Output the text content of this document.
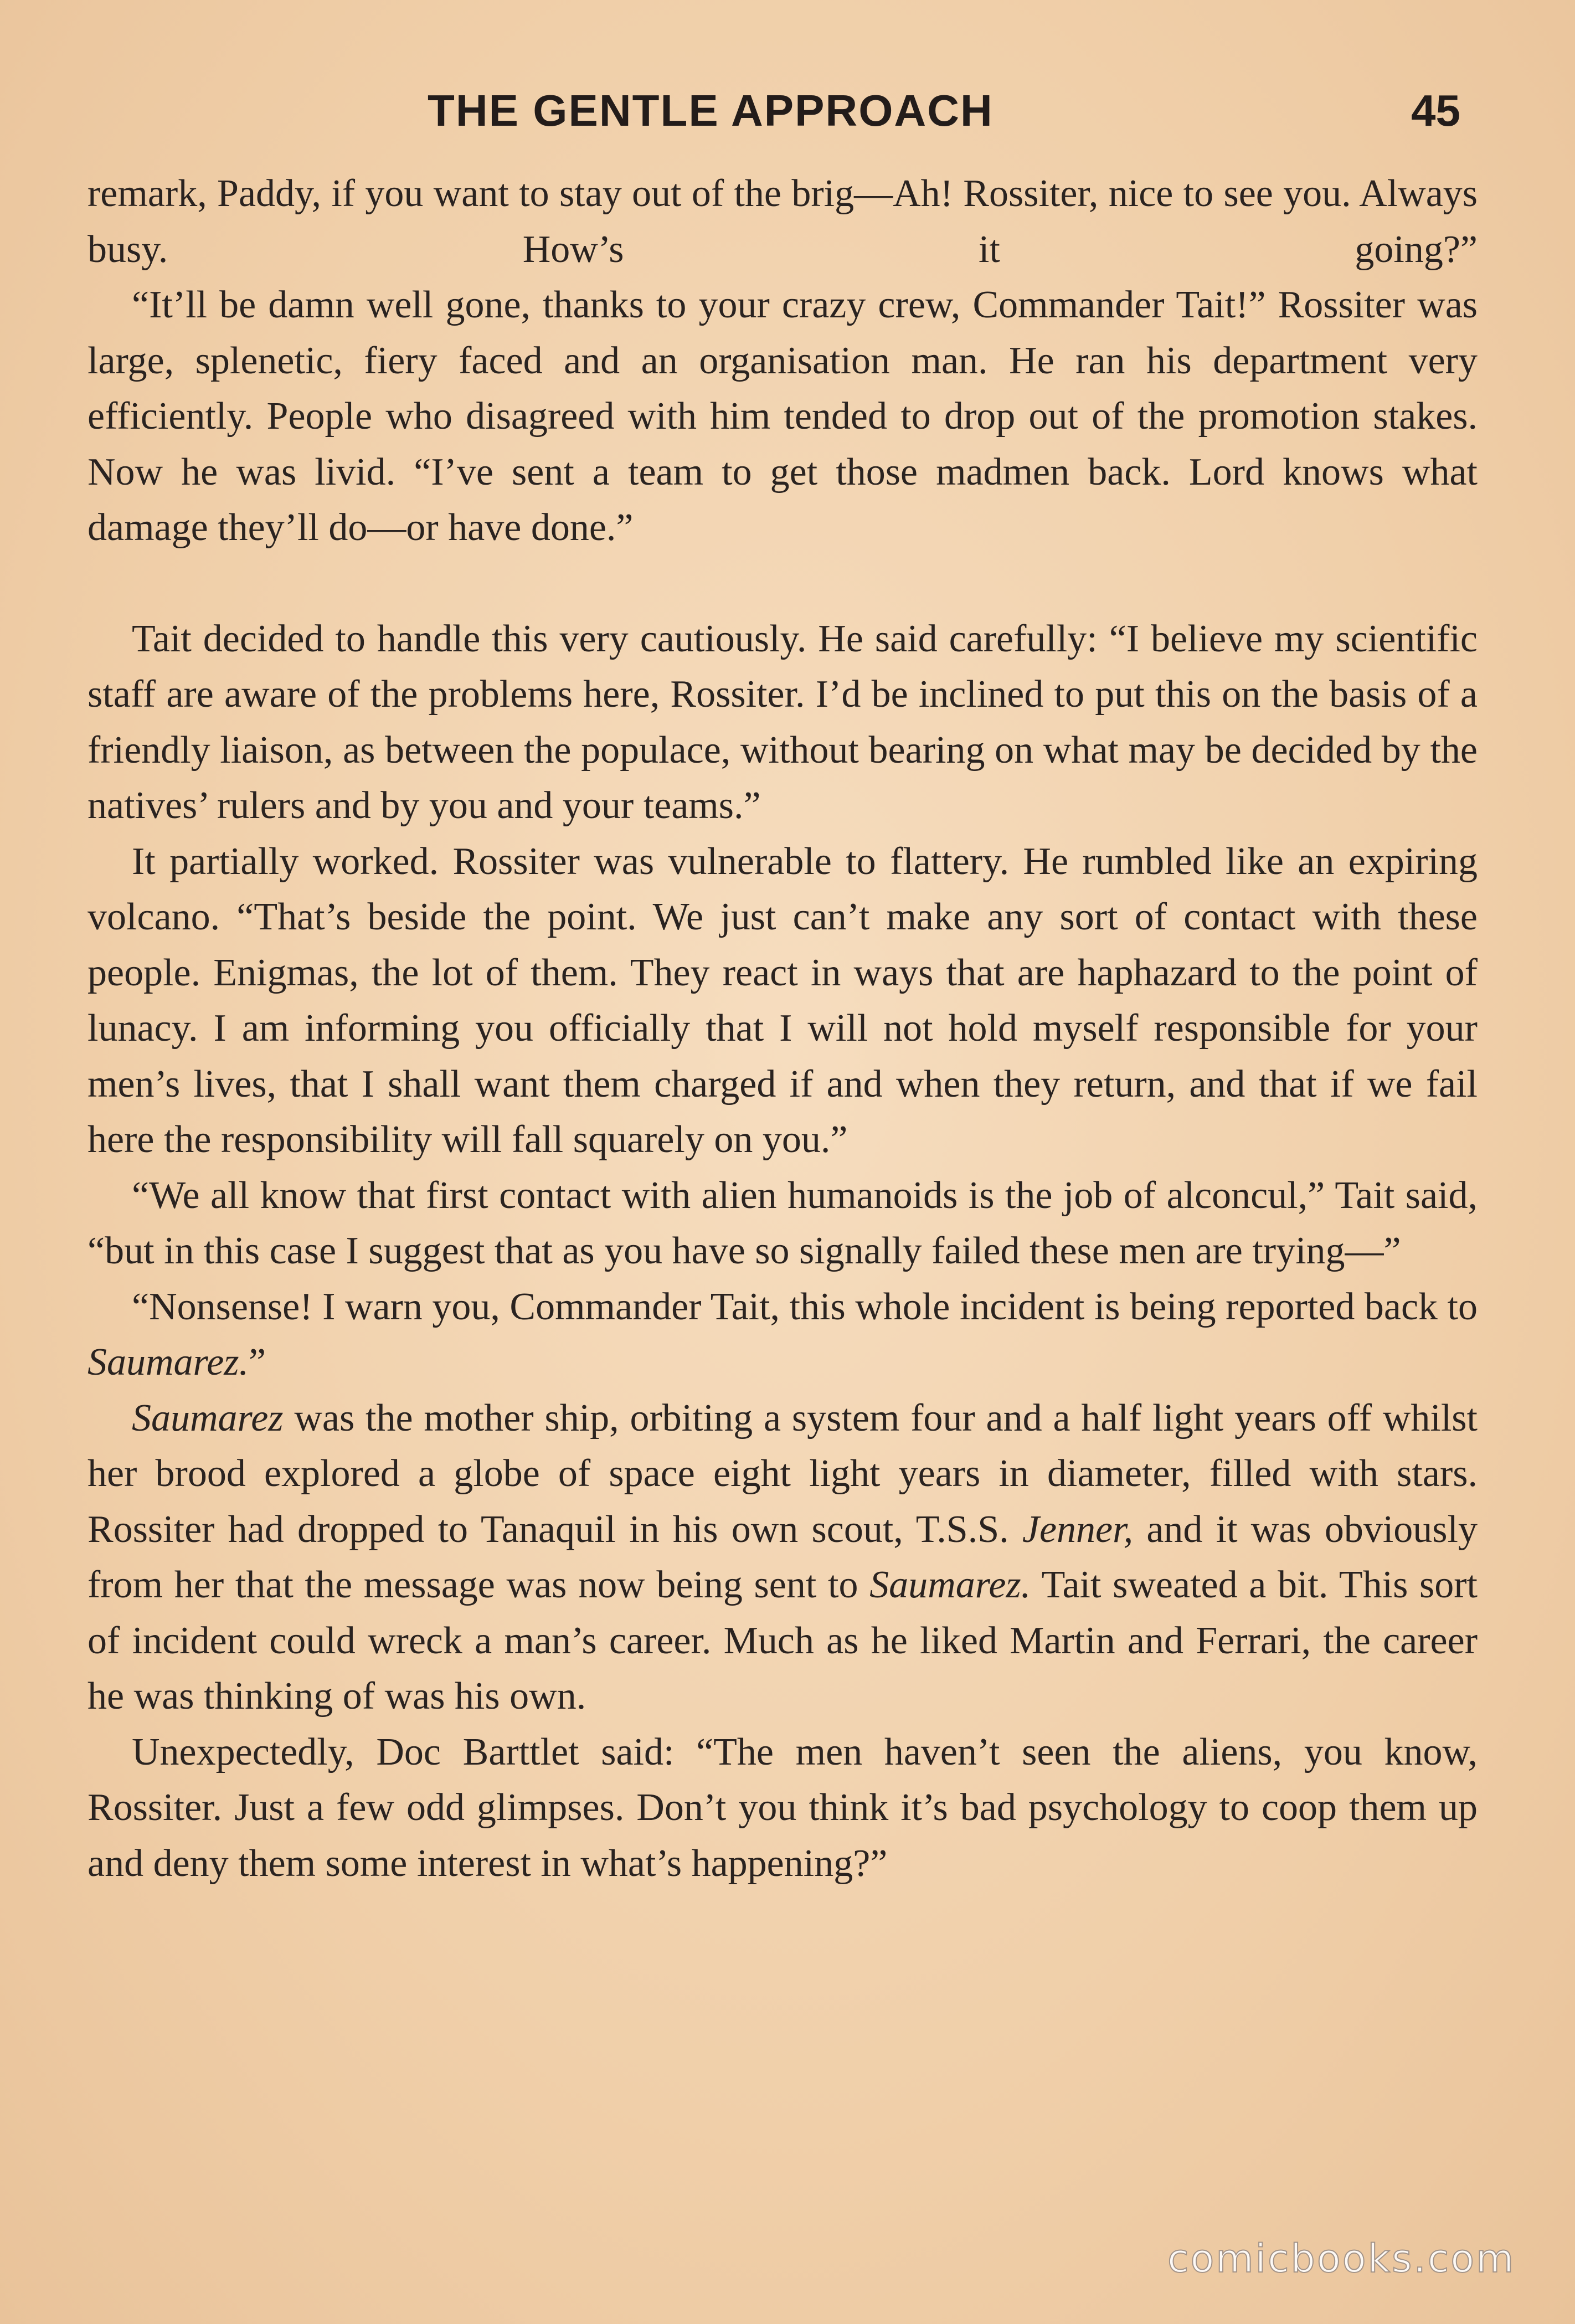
THE GENTLE APPROACH	45

remark, Paddy, if you want to stay out of the brig—Ah! Rossiter, nice to see you. Always busy. How’s it going?”

“It’ll be damn well gone, thanks to your crazy crew, Commander Tait!” Rossiter was large, splenetic, fiery faced and an organisation man. He ran his department very efficiently. People who disagreed with him tended to drop out of the promotion stakes. Now he was livid. “I’ve sent a team to get those madmen back. Lord knows what damage they’ll do—or have done.”

Tait decided to handle this very cautiously. He said carefully: “I believe my scientific staff are aware of the problems here, Rossiter. I’d be inclined to put this on the basis of a friendly liaison, as between the populace, without bearing on what may be decided by the natives’ rulers and by you and your teams.”

It partially worked. Rossiter was vulnerable to flattery. He rumbled like an expiring volcano. “That’s beside the point. We just can’t make any sort of contact with these people. Enigmas, the lot of them. They react in ways that are haphazard to the point of lunacy. I am informing you officially that I will not hold myself responsible for your men’s lives, that I shall want them charged if and when they return, and that if we fail here the responsibility will fall squarely on you.”

“We all know that first contact with alien humanoids is the job of alconcul,” Tait said, “but in this case I suggest that as you have so signally failed these men are trying—”

“Nonsense! I warn you, Commander Tait, this whole incident is being reported back to Saumarez.”

Saumarez was the mother ship, orbiting a system four and a half light years off whilst her brood explored a globe of space eight light years in diameter, filled with stars. Rossiter had dropped to Tanaquil in his own scout, T.S.S. Jenner, and it was obviously from her that the message was now being sent to Saumarez. Tait sweated a bit. This sort of incident could wreck a man’s career. Much as he liked Martin and Ferrari, the career he was thinking of was his own.

Unexpectedly, Doc Barttlet said: “The men haven’t seen the aliens, you know, Rossiter. Just a few odd glimpses. Don’t you think it’s bad psychology to coop them up and deny them some interest in what’s happening?”

comicbooks.com
